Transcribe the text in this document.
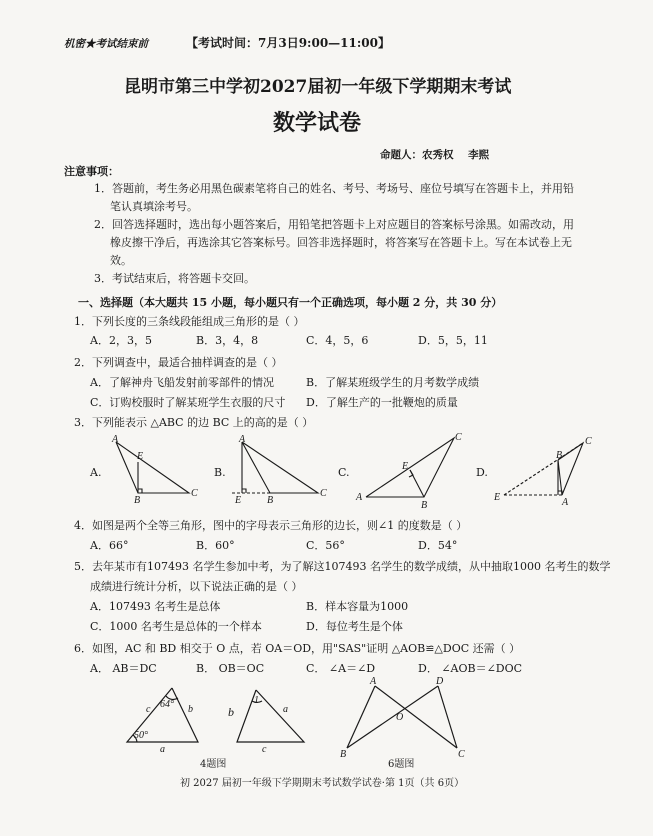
机密★考试结束前	【考试时间：7月3日9:00—11:00】
昆明市第三中学初2027届初一年级下学期期末考试
数学试卷
命题人：农秀权    李熙
注意事项：
1．答题前，考生务必用黑色碳素笔将自己的姓名、考号、考场号、座位号填写在答题卡上，并用铅
笔认真填涂考号。
2．回答选择题时，选出每小题答案后，用铅笔把答题卡上对应题目的答案标号涂黑。如需改动，用
橡皮擦干净后，再选涂其它答案标号。回答非选择题时，将答案写在答题卡上。写在本试卷上无
效。
3．考试结束后，将答题卡交回。
一、选择题（本大题共 15 小题，每小题只有一个正确选项，每小题 2 分，共 30 分）
1．下列长度的三条线段能组成三角形的是（ ）
A．2，3，5	B．3，4，8	C．4，5，6	D．5，5，11
2．下列调查中，最适合抽样调查的是（ ）
A．了解神舟飞船发射前零部件的情况	B．了解某班级学生的月考数学成绩
C．订购校服时了解某班学生衣服的尺寸 D．了解生产的一批鞭炮的质量
3．下列能表示 △ABC 的边 BC 上的高的是（ ）
A.	B.	C.	D.
A
E
B
C
A
E	B
C	A
E
B
C
B
C
E	A
64°
50°
b
c
a
1
b	a
c
A	D
O
B	C
4．如图是两个全等三角形，图中的字母表示三角形的边长，则∠1 的度数是（ ）
A．66°	B．60°	C．56°	D．54°
5．去年某市有107493 名学生参加中考，为了解这107493 名学生的数学成绩，从中抽取1000 名考生的数学
成绩进行统计分析，以下说法正确的是（ ）
A．107493 名考生是总体	B．样本容量为1000
C．1000 名考生是总体的一个样本	D．每位考生是个体
6．如图，AC 和 BD 相交于 O 点，若 OA＝OD，用"SAS"证明 △AOB≌△DOC 还需（ ）
A． AB＝DC	B． OB＝OC	C． ∠A＝∠D	D． ∠AOB＝∠DOC
4题图	6题图
初 2027 届初一年级下学期期末考试数学试卷·第 1页（共 6页）
